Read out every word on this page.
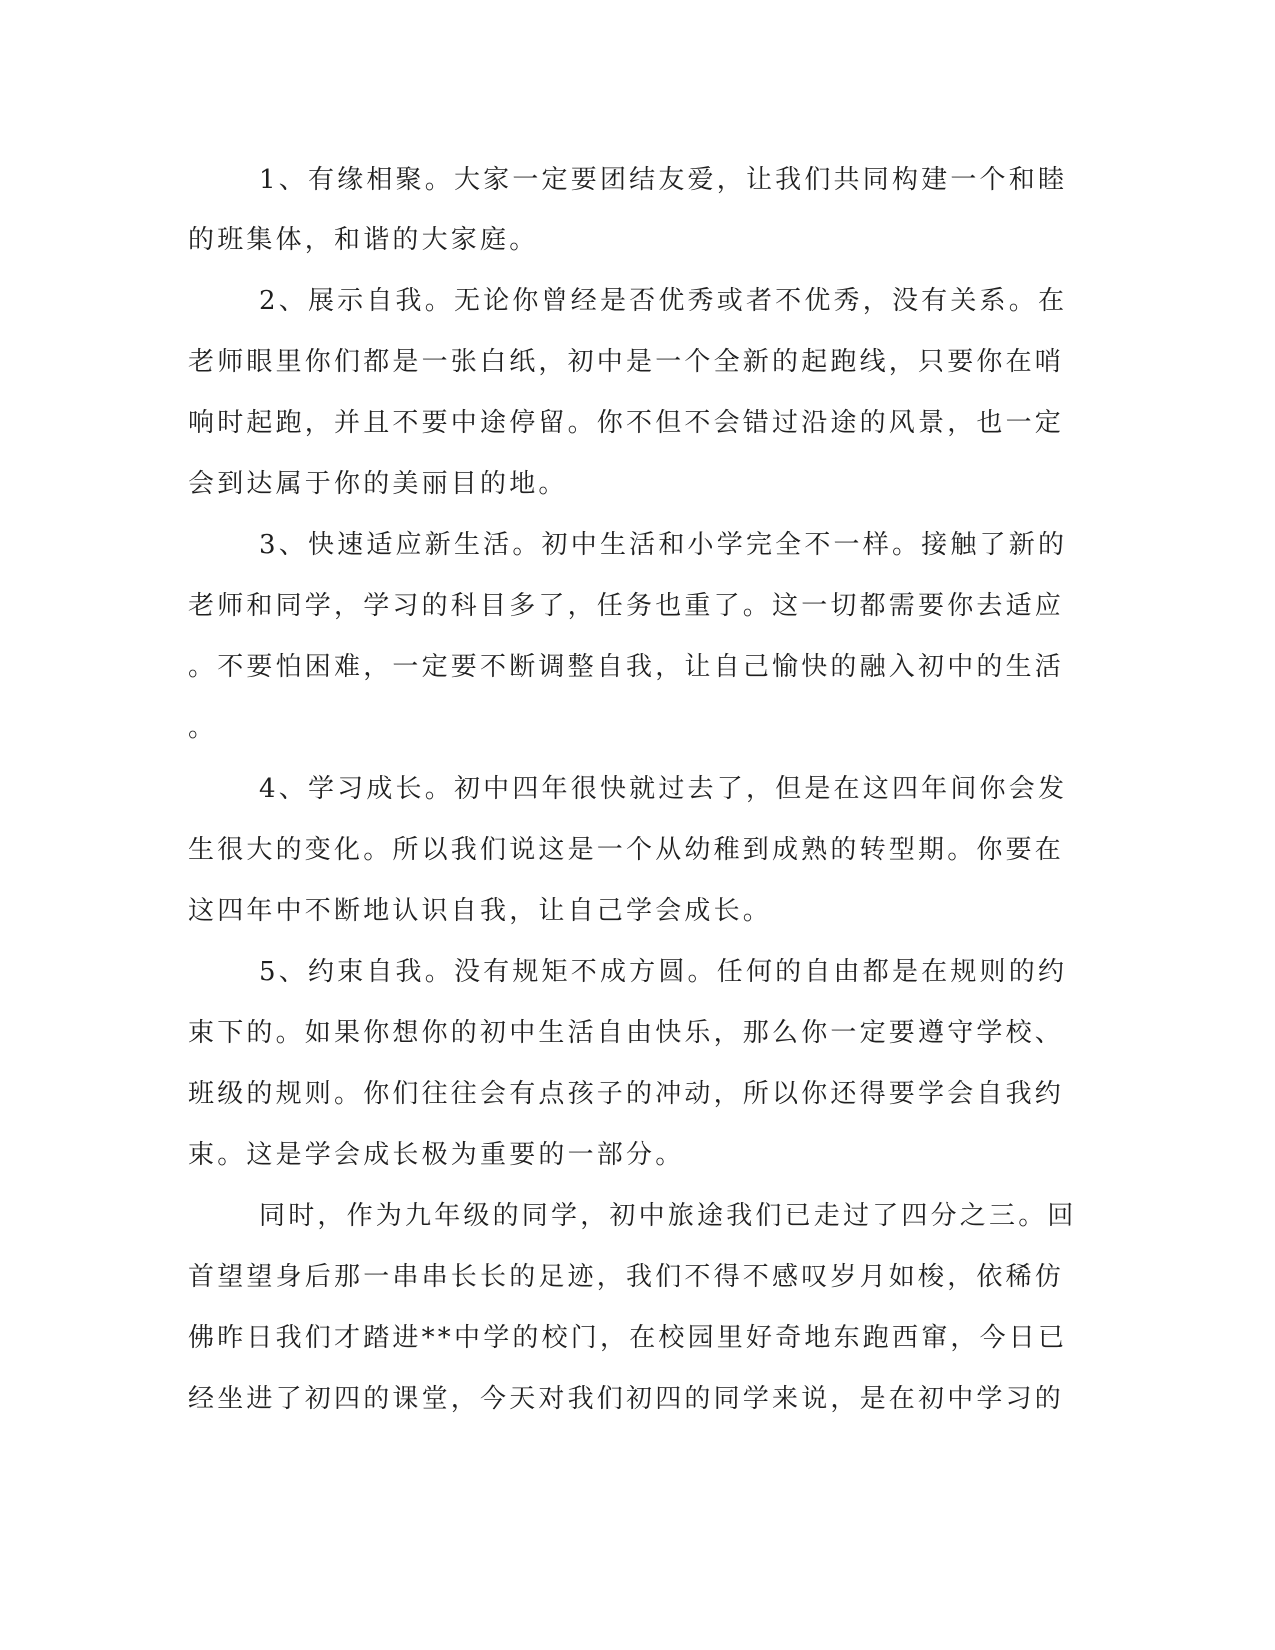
1、有缘相聚。大家一定要团结友爱，让我们共同构建一个和睦

的班集体，和谐的大家庭。

2、展示自我。无论你曾经是否优秀或者不优秀，没有关系。在

老师眼里你们都是一张白纸，初中是一个全新的起跑线，只要你在哨

响时起跑，并且不要中途停留。你不但不会错过沿途的风景，也一定

会到达属于你的美丽目的地。

3、快速适应新生活。初中生活和小学完全不一样。接触了新的

老师和同学，学习的科目多了，任务也重了。这一切都需要你去适应

。不要怕困难，一定要不断调整自我，让自己愉快的融入初中的生活

。

4、学习成长。初中四年很快就过去了，但是在这四年间你会发

生很大的变化。所以我们说这是一个从幼稚到成熟的转型期。你要在

这四年中不断地认识自我，让自己学会成长。

5、约束自我。没有规矩不成方圆。任何的自由都是在规则的约

束下的。如果你想你的初中生活自由快乐，那么你一定要遵守学校、

班级的规则。你们往往会有点孩子的冲动，所以你还得要学会自我约

束。这是学会成长极为重要的一部分。

同时，作为九年级的同学，初中旅途我们已走过了四分之三。回

首望望身后那一串串长长的足迹，我们不得不感叹岁月如梭，依稀仿

佛昨日我们才踏进**中学的校门，在校园里好奇地东跑西窜，今日已

经坐进了初四的课堂，今天对我们初四的同学来说，是在初中学习的
